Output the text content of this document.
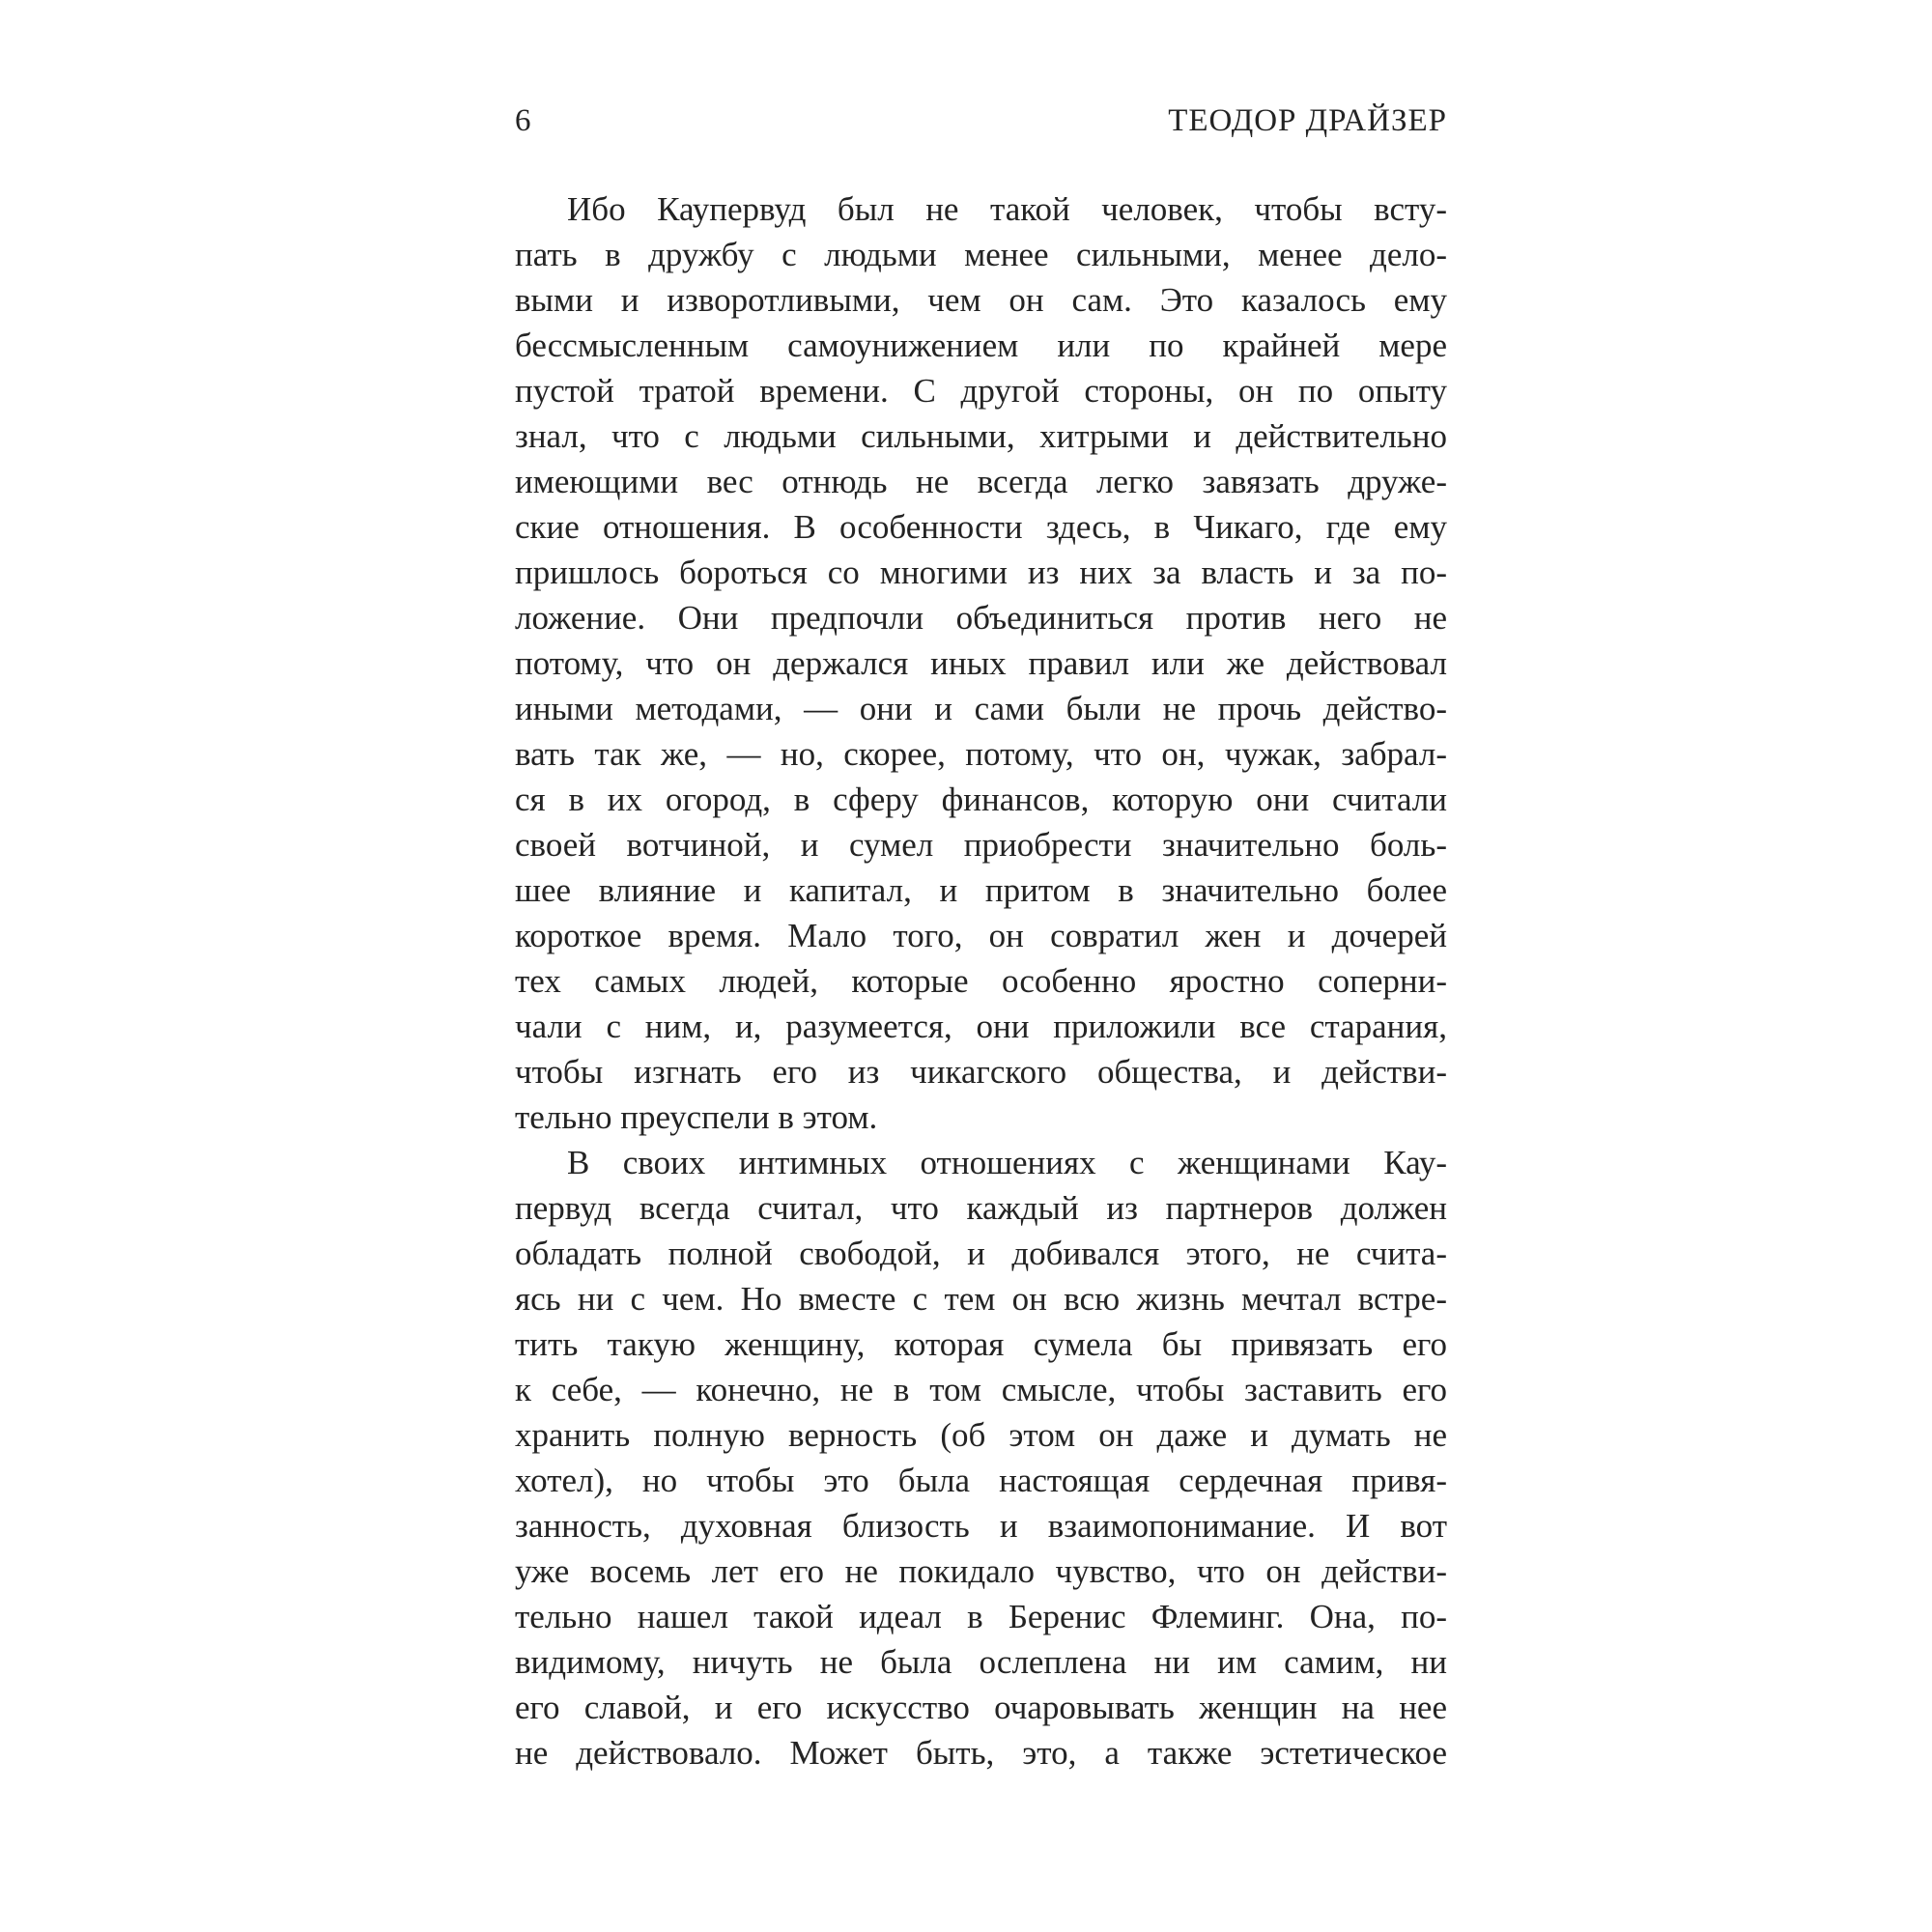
6	ТЕОДОР ДРАЙЗЕР
Ибо Каупервуд был не такой человек, чтобы всту-
пать в дружбу с людьми менее сильными, менее дело-
выми и изворотливыми, чем он сам. Это казалось ему
бессмысленным самоунижением или по крайней мере
пустой тратой времени. С другой стороны, он по опыту
знал, что с людьми сильными, хитрыми и действительно
имеющими вес отнюдь не всегда легко завязать друже-
ские отношения. В особенности здесь, в Чикаго, где ему
пришлось бороться со многими из них за власть и за по-
ложение. Они предпочли объединиться против него не
потому, что он держался иных правил или же действовал
иными методами, — они и сами были не прочь действо-
вать так же, — но, скорее, потому, что он, чужак, забрал-
ся в их огород, в сферу финансов, которую они считали
своей вотчиной, и сумел приобрести значительно боль-
шее влияние и капитал, и притом в значительно более
короткое время. Мало того, он совратил жен и дочерей
тех самых людей, которые особенно яростно соперни-
чали с ним, и, разумеется, они приложили все старания,
чтобы изгнать его из чикагского общества, и действи-
тельно преуспели в этом.
В своих интимных отношениях с женщинами Кау-
первуд всегда считал, что каждый из партнеров должен
обладать полной свободой, и добивался этого, не счита-
ясь ни с чем. Но вместе с тем он всю жизнь мечтал встре-
тить такую женщину, которая сумела бы привязать его
к себе, — конечно, не в том смысле, чтобы заставить его
хранить полную верность (об этом он даже и думать не
хотел), но чтобы это была настоящая сердечная привя-
занность, духовная близость и взаимопонимание. И вот
уже восемь лет его не покидало чувство, что он действи-
тельно нашел такой идеал в Беренис Флеминг. Она, по-
видимому, ничуть не была ослеплена ни им самим, ни
его славой, и его искусство очаровывать женщин на нее
не действовало. Может быть, это, а также эстетическое
